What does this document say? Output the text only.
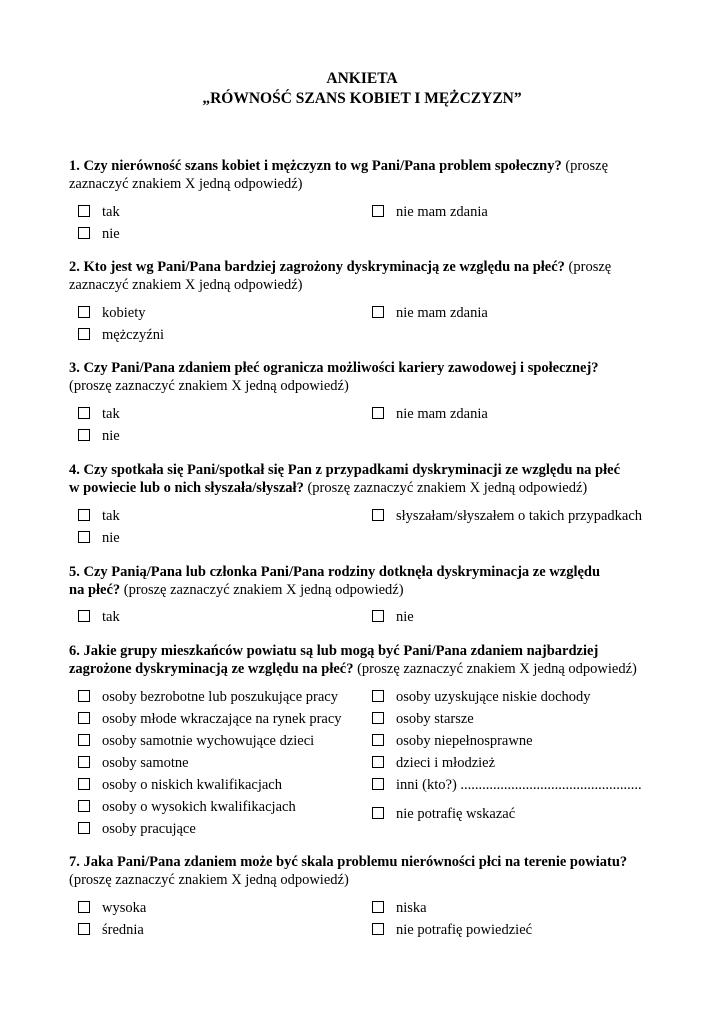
ANKIETA
„RÓWNOŚĆ SZANS KOBIET I MĘŻCZYZN”
1. Czy nierówność szans kobiet i mężczyzn to wg Pani/Pana problem społeczny? (proszę zaznaczyć znakiem X jedną odpowiedź)
tak
nie
nie mam zdania
2. Kto jest wg Pani/Pana bardziej zagrożony dyskryminacją ze względu na płeć? (proszę zaznaczyć znakiem X jedną odpowiedź)
kobiety
mężczyźni
nie mam zdania
3. Czy Pani/Pana zdaniem płeć ogranicza możliwości kariery zawodowej i społecznej?
(proszę zaznaczyć znakiem X jedną odpowiedź)
tak
nie
nie mam zdania
4. Czy spotkała się Pani/spotkał się Pan z przypadkami dyskryminacji ze względu na płeć
w powiecie lub o nich słyszała/słyszał? (proszę zaznaczyć znakiem X jedną odpowiedź)
tak
nie
słyszałam/słyszałem o takich przypadkach
5. Czy Panią/Pana lub członka Pani/Pana rodziny dotknęła dyskryminacja ze względu
na płeć? (proszę zaznaczyć znakiem X jedną odpowiedź)
tak	nie
6. Jakie grupy mieszkańców powiatu są lub mogą być Pani/Pana zdaniem najbardziej
zagrożone dyskryminacją ze względu na płeć? (proszę zaznaczyć znakiem X jedną odpowiedź)
osoby bezrobotne lub poszukujące pracy
osoby młode wkraczające na rynek pracy
osoby samotnie wychowujące dzieci
osoby samotne
osoby o niskich kwalifikacjach
osoby o wysokich kwalifikacjach
osoby pracujące
osoby uzyskujące niskie dochody
osoby starsze
osoby niepełnosprawne
dzieci i młodzież
inni (kto?) ..................................................
nie potrafię wskazać
7. Jaka Pani/Pana zdaniem może być skala problemu nierówności płci na terenie powiatu?
(proszę zaznaczyć znakiem X jedną odpowiedź)
wysoka
średnia
niska
nie potrafię powiedzieć
